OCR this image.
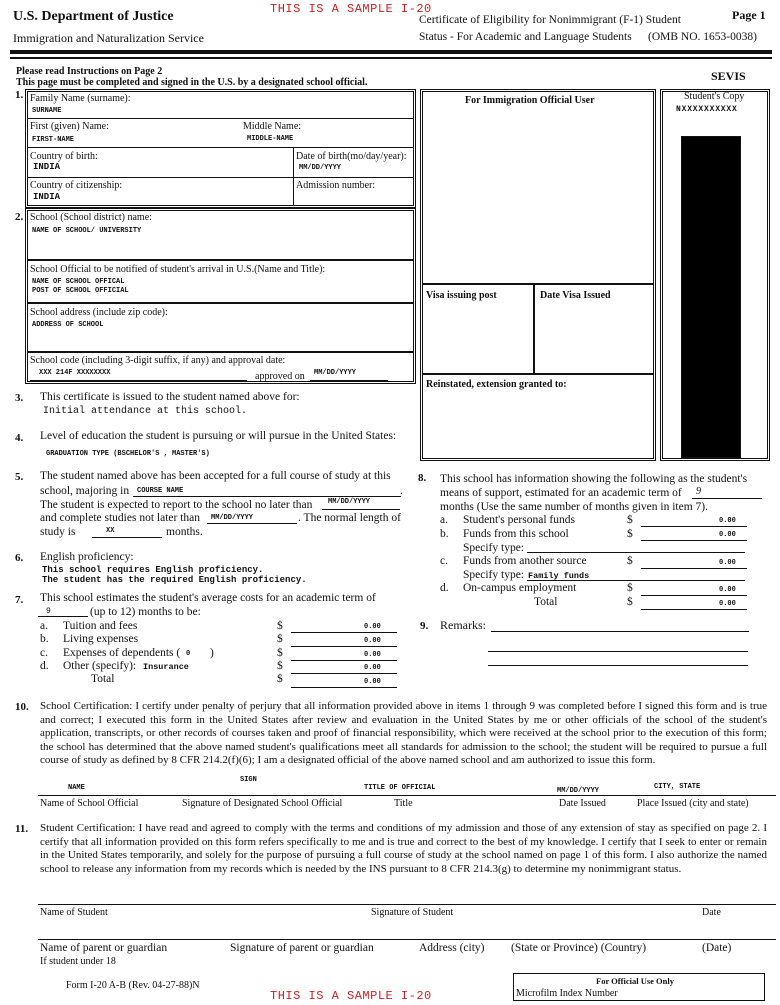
U.S. Department of Justice
Immigration and Naturalization Service
THIS IS A SAMPLE I-20
Certificate of Eligibility for Nonimmigrant (F-1) Student
Status - For Academic and Language Students (OMB NO. 1653-0038)
Page 1
Please read Instructions on Page 2
This page must be completed and signed in the U.S. by a designated school official.	SEVIS
1. Family Name (surname):
SURNAME
First (given) Name:
FIRST-NAME
Middle Name:
MIDDLE-NAME
Country of birth:
INDIA
Date of birth(mo/day/year):
MM/DD/YYYY
Country of citizenship:
INDIA
Admission number:
2. School (School district) name:
NAME OF SCHOOL/ UNIVERSITY
School Official to be notified of student's arrival in U.S.(Name and Title):
NAME OF SCHOOL OFFICAL
POST OF SCHOOL OFFICIAL
School address (include zip code):
ADDRESS OF SCHOOL
School code (including 3-digit suffix, if any) and approval date:
XXX 214F XXXXXXXX	approved on MM/DD/YYYY
For Immigration Official User
Visa issuing post	Date Visa Issued
Reinstated, extension granted to:
Student's Copy
NXXXXXXXXXX
3. This certificate is issued to the student named above for:
Initial attendance at this school.
4. Level of education the student is pursuing or will pursue in the United States:
GRADUATION TYPE (BSCHELOR'S , MASTER'S)
5. The student named above has been accepted for a full course of study at this
school, majoring in COURSE NAME	.
The student is expected to report to the school no later than MM/DD/YYYY
and complete studies not later than MM/DD/YYYY	. The normal length of
study is	XX	months.
6. English proficiency:
This school requires English proficiency.
The student has the required English proficiency.
7. This school estimates the student's average costs for an academic term of
9	(up to 12) months to be:
a. Tuition and fees	$	0.00
b. Living expenses	$	0.00
c. Expenses of dependents ( 0 )	$	0.00
d. Other (specify): Insurance	$	0.00
Total	$	0.00
8. This school has information showing the following as the student's
means of support, estimated for an academic term of 9
months (Use the same number of months given in item 7).
a. Student's personal funds	$	0.00
b. Funds from this school	$	0.00
Specify type:
c. Funds from another source	$	0.00
Specify type: Family funds
d. On-campus employment	$	0.00
Total	$	0.00
9. Remarks:
10. School Certification: I certify under penalty of perjury that all information provided above in items 1 through 9 was completed before I signed this form and is true and correct; I executed this form in the United States after review and evaluation in the United States by me or other officials of the school of the student's application, transcripts, or other records of courses taken and proof of financial responsibility, which were received at the school prior to the execution of this form; the school has determined that the above named student's qualifications meet all standards for admission to the school; the student will be required to pursue a full course of study as defined by 8 CFR 214.2(f)(6); I am a designated official of the above named school and am authorized to issue this form.
SIGN
NAME	TITLE OF OFFICIAL	MM/DD/YYYY	CITY, STATE
Name of School Official	Signature of Designated School Official	Title	Date Issued	Place Issued (city and state)
11. Student Certification: I have read and agreed to comply with the terms and conditions of my admission and those of any extension of stay as specified on page 2. I certify that all information provided on this form refers specifically to me and is true and correct to the best of my knowledge. I certify that I seek to enter or remain in the United States temporarily, and solely for the purpose of pursuing a full course of study at the school named on page 1 of this form. I also authorize the named school to release any information from my records which is needed by the INS pursuant to 8 CFR 214.3(g) to determine my nonimmigrant status.
Name of Student	Signature of Student	Date
Name of parent or guardian
If student under 18
Signature of parent or guardian	Address (city) (State or Province) (Country)	(Date)
Form I-20 A-B (Rev. 04-27-88)N	For Official Use Only
Microfilm Index Number
THIS IS A SAMPLE I-20
